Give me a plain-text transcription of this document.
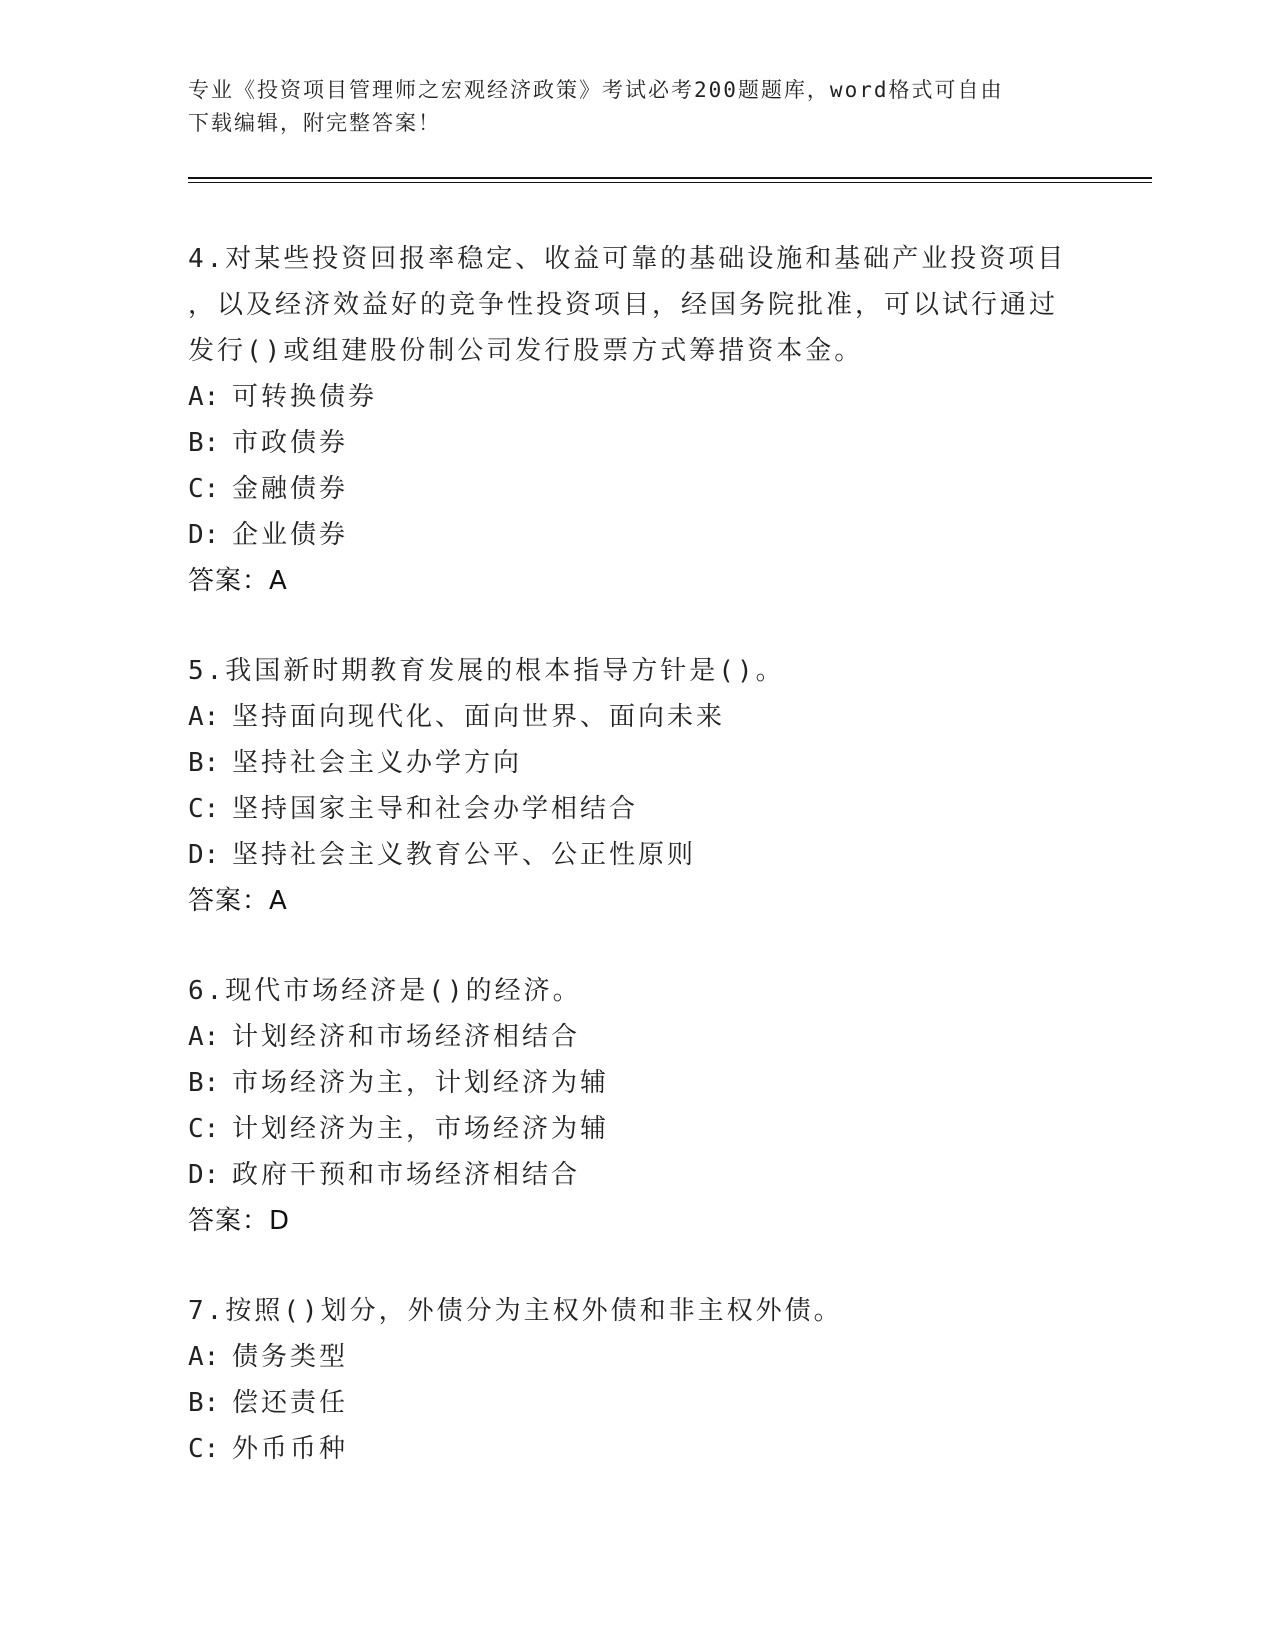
专业《投资项目管理师之宏观经济政策》考试必考200题题库，word格式可自由
下载编辑，附完整答案！
4.对某些投资回报率稳定、收益可靠的基础设施和基础产业投资项目
，以及经济效益好的竞争性投资项目，经国务院批准，可以试行通过
发行()或组建股份制公司发行股票方式筹措资本金。
A: 可转换债券
B: 市政债券
C: 金融债券
D: 企业债券
答案：A
5.我国新时期教育发展的根本指导方针是()。
A: 坚持面向现代化、面向世界、面向未来
B: 坚持社会主义办学方向
C: 坚持国家主导和社会办学相结合
D: 坚持社会主义教育公平、公正性原则
答案：A
6.现代市场经济是()的经济。
A: 计划经济和市场经济相结合
B: 市场经济为主，计划经济为辅
C: 计划经济为主，市场经济为辅
D: 政府干预和市场经济相结合
答案：D
7.按照()划分，外债分为主权外债和非主权外债。
A: 债务类型
B: 偿还责任
C: 外币币种
